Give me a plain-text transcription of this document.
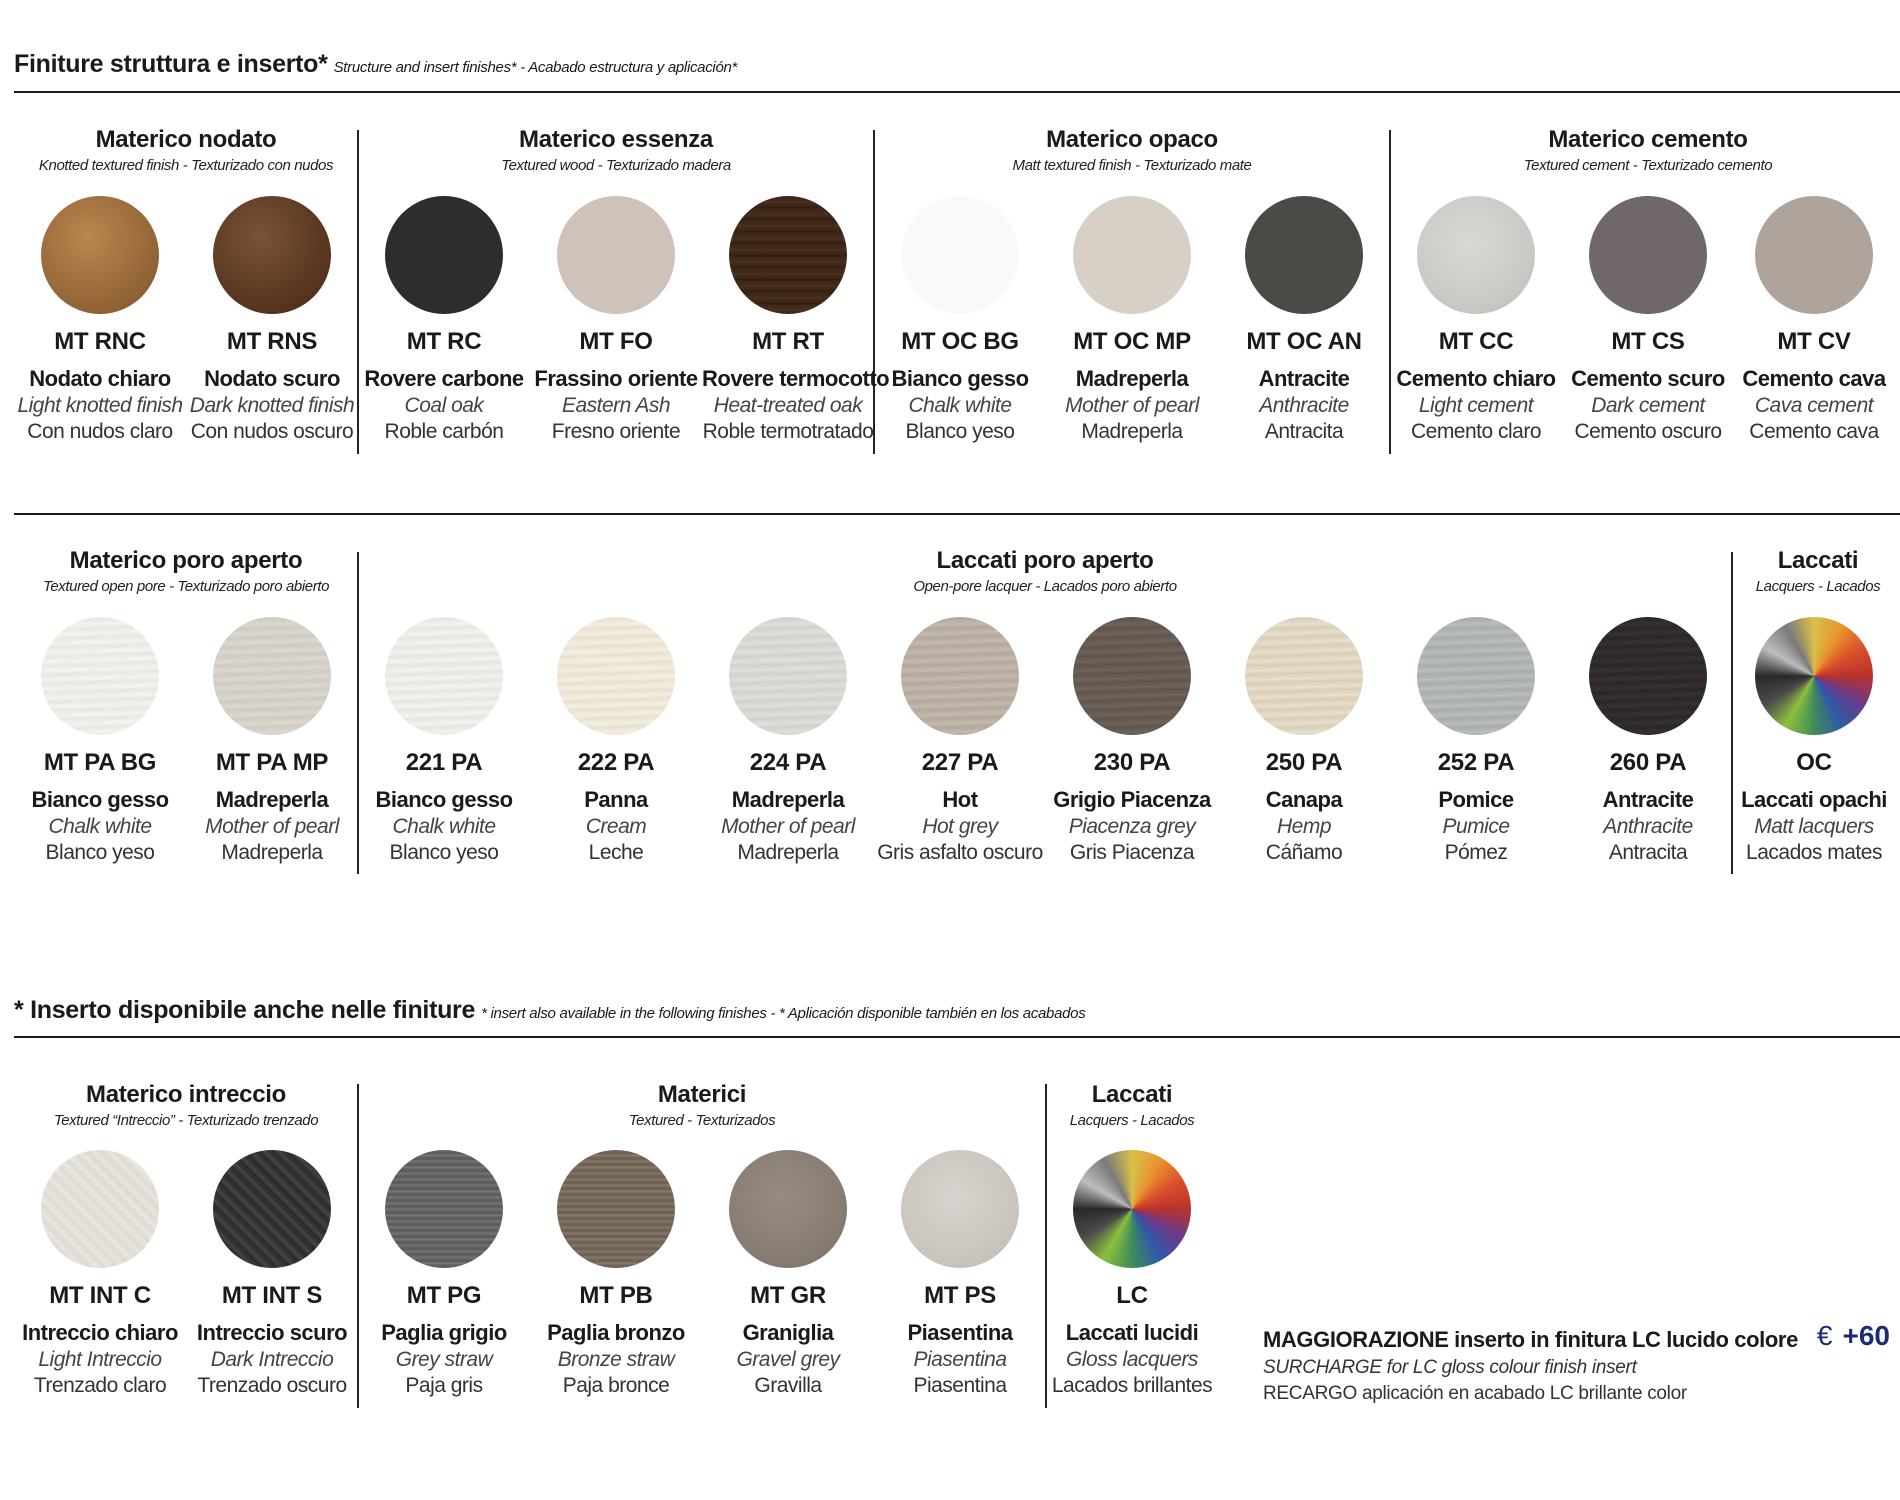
Finiture struttura e inserto* Structure and insert finishes* - Acabado estructura y aplicación*
Materico nodato
Knotted textured finish - Texturizado con nudos
Materico essenza
Textured wood - Texturizado madera
Materico opaco
Matt textured finish - Texturizado mate
Materico cemento
Textured cement - Texturizado cemento
MT RNC
Nodato chiaro
Light knotted finish
Con nudos claro
MT RNS
Nodato scuro
Dark knotted finish
Con nudos oscuro
MT RC
Rovere carbone
Coal oak
Roble carbón
MT FO
Frassino oriente
Eastern Ash
Fresno oriente
MT RT
Rovere termocotto
Heat-treated oak
Roble termotratado
MT OC BG
Bianco gesso
Chalk white
Blanco yeso
MT OC MP
Madreperla
Mother of pearl
Madreperla
MT OC AN
Antracite
Anthracite
Antracita
MT CC
Cemento chiaro
Light cement
Cemento claro
MT CS
Cemento scuro
Dark cement
Cemento oscuro
MT CV
Cemento cava
Cava cement
Cemento cava
Materico poro aperto
Textured open pore - Texturizado poro abierto
Laccati poro aperto
Open-pore lacquer - Lacados poro abierto
Laccati
Lacquers - Lacados
MT PA BG
Bianco gesso
Chalk white
Blanco yeso
MT PA MP
Madreperla
Mother of pearl
Madreperla
221 PA
Bianco gesso
Chalk white
Blanco yeso
222 PA
Panna
Cream
Leche
224 PA
Madreperla
Mother of pearl
Madreperla
227 PA
Hot
Hot grey
Gris asfalto oscuro
230 PA
Grigio Piacenza
Piacenza grey
Gris Piacenza
250 PA
Canapa
Hemp
Cáñamo
252 PA
Pomice
Pumice
Pómez
260 PA
Antracite
Anthracite
Antracita
OC
Laccati opachi
Matt lacquers
Lacados mates
* Inserto disponibile anche nelle finiture * insert also available in the following finishes - * Aplicación disponible también en los acabados
Materico intreccio
Textured “Intreccio” - Texturizado trenzado
Materici
Textured - Texturizados
Laccati
Lacquers - Lacados
MT INT C
Intreccio chiaro
Light Intreccio
Trenzado claro
MT INT S
Intreccio scuro
Dark Intreccio
Trenzado oscuro
MT PG
Paglia grigio
Grey straw
Paja gris
MT PB
Paglia bronzo
Bronze straw
Paja bronce
MT GR
Graniglia
Gravel grey
Gravilla
MT PS
Piasentina
Piasentina
Piasentina
LC
Laccati lucidi
Gloss lacquers
Lacados brillantes
MAGGIORAZIONE inserto in finitura LC lucido colore
SURCHARGE for LC gloss colour finish insert
RECARGO aplicación en acabado LC brillante color
€ +60
